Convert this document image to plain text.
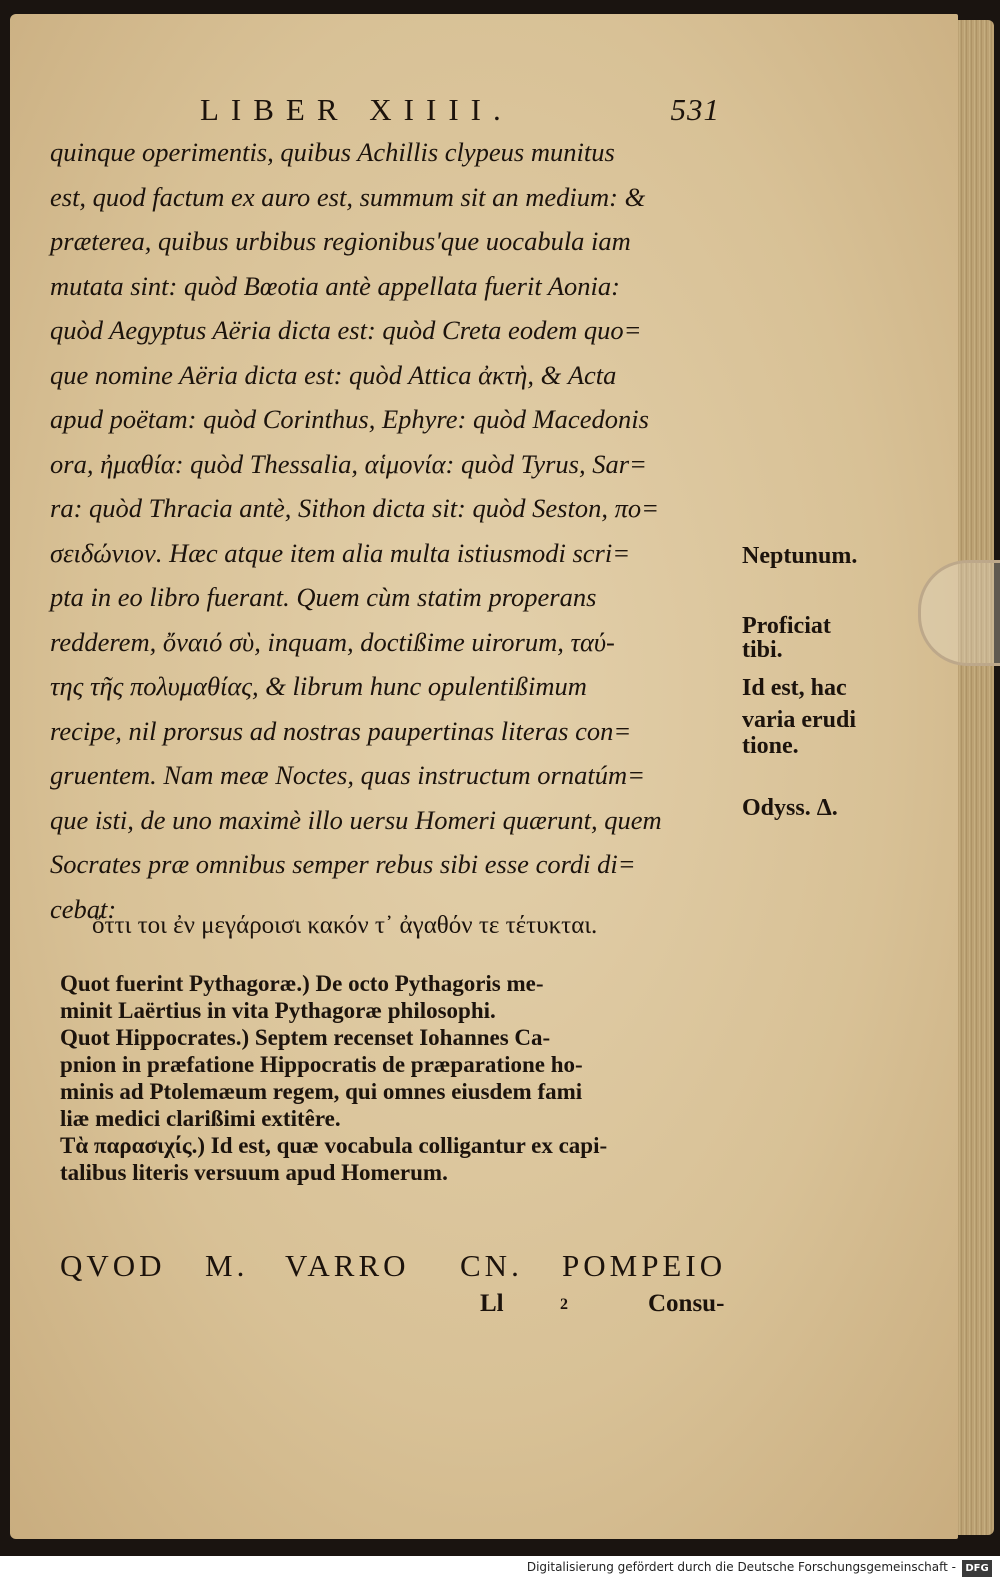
LIBER XIIII.	531
quinque operimentis, quibus Achillis clypeus munitus
est, quod factum ex auro est, summum sit an medium: &
præterea, quibus urbibus regionibus'que uocabula iam
mutata sint: quòd Bœotia antè appellata fuerit Aonia:
quòd Aegyptus Aëria dicta est: quòd Creta eodem quo=
que nomine Aëria dicta est: quòd Attica ἀκτὴ, & Acta
apud poëtam: quòd Corinthus, Ephyre: quòd Macedonis
ora, ἠμαθία: quòd Thessalia, αἱμονία: quòd Tyrus, Sar=
ra: quòd Thracia antè, Sithon dicta sit: quòd Seston, πο=
σειδώνιον. Hæc atque item alia multa istiusmodi scri=
pta in eo libro fuerant. Quem cùm statim properans
redderem, ὄναιό σὺ, inquam, doctißime uirorum, ταύ-
της τῆς πολυμαθίας, & librum hunc opulentißimum
recipe, nil prorsus ad nostras paupertinas literas con=
gruentem. Nam meæ Noctes, quas instructum ornatúm=
que isti, de uno maximè illo uersu Homeri quærunt, quem
Socrates præ omnibus semper rebus sibi esse cordi di=
cebat:
ὅττι τοι ἐν μεγάροισι κακόν τ᾽ ἀγαθόν τε τέτυκται.
Neptunum.
Proficiat
tibi.
Id est, hac
varia erudi
tione.
Odyss. Δ.
Quot fuerint Pythagoræ.) De octo Pythagoris me-
minit Laërtius in vita Pythagoræ philosophi.
Quot Hippocrates.) Septem recenset Iohannes Ca-
pnion in præfatione Hippocratis de præparatione ho-
minis ad Ptolemæum regem, qui omnes eiusdem fami
liæ medici clarißimi extitêre.
Τὰ παρασιχίς.) Id est, quæ vocabula colligantur ex capi-
talibus literis versuum apud Homerum.
QVOD M. VARRO CN. POMPEIO
Ll	2	Consu-
Digitalisierung gefördert durch die Deutsche Forschungsgemeinschaft - DFG
